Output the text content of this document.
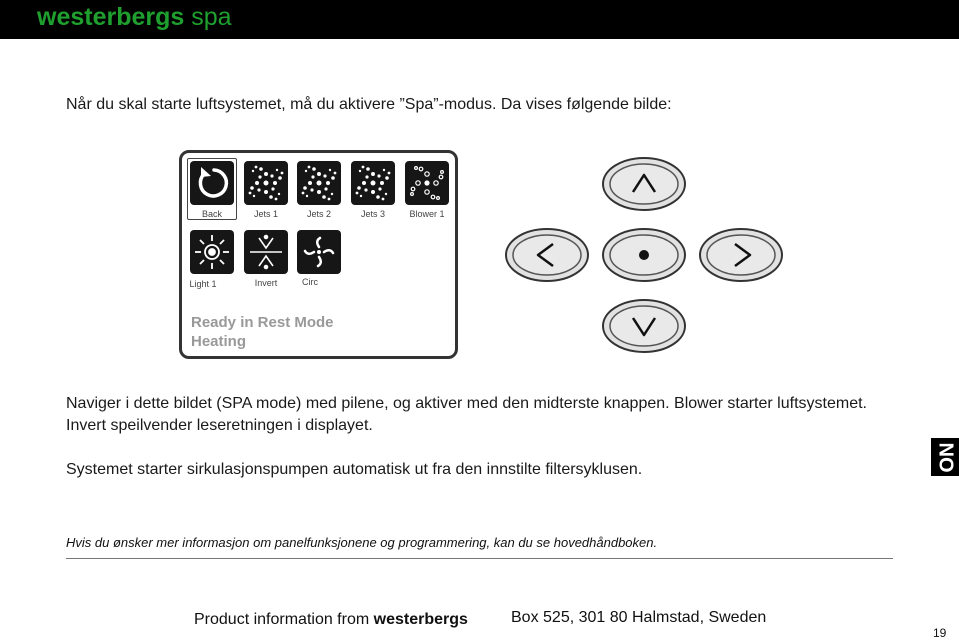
westerbergs spa
Når du skal starte luftsystemet, må du aktivere ”Spa”-modus. Da vises følgende bilde:
Back	Jets 1	Jets 2	Jets 3	Blower 1
Light 1	Invert	Circ
Ready in Rest Mode
Heating
Naviger i dette bildet (SPA mode) med pilene, og aktiver med den midterste knappen. Blower starter luftsystemet.
Invert speilvender leseretningen i displayet.
Systemet starter sirkulasjonspumpen automatisk ut fra den innstilte filtersyklusen.	NO
Hvis du ønsker mer informasjon om panelfunksjonene og programmering, kan du se hovedhåndboken.
Product information from westerbergs	Box 525, 301 80 Halmstad, Sweden
19
